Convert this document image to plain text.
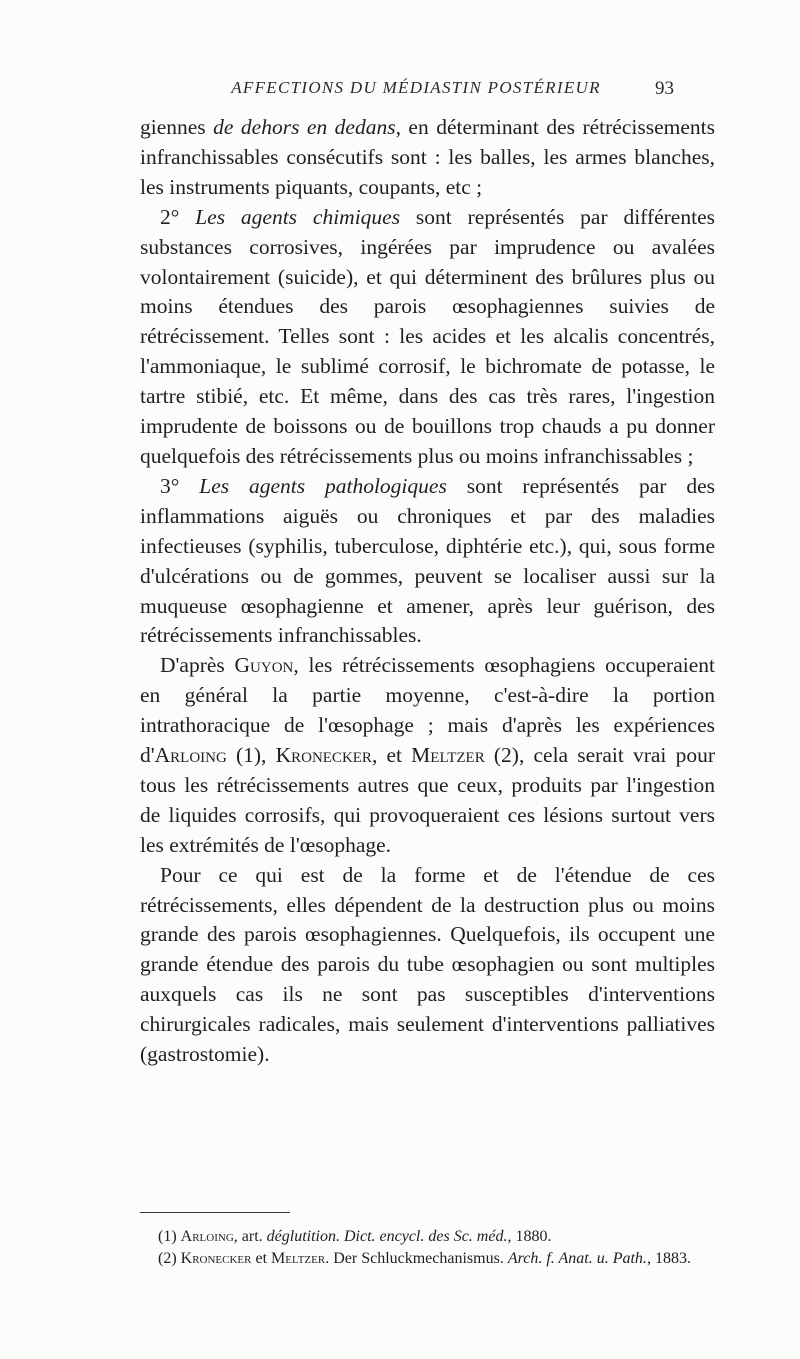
AFFECTIONS DU MÉDIASTIN POSTÉRIEUR	93

giennes de dehors en dedans, en déterminant des rétrécissements infranchissables consécutifs sont : les balles, les armes blanches, les instruments piquants, coupants, etc ;

2° Les agents chimiques sont représentés par différentes substances corrosives, ingérées par imprudence ou avalées volontairement (suicide), et qui déterminent des brûlures plus ou moins étendues des parois œsophagiennes suivies de rétrécissement. Telles sont : les acides et les alcalis concentrés, l'ammoniaque, le sublimé corrosif, le bichromate de potasse, le tartre stibié, etc. Et même, dans des cas très rares, l'ingestion imprudente de boissons ou de bouillons trop chauds a pu donner quelquefois des rétrécissements plus ou moins infranchissables ;

3° Les agents pathologiques sont représentés par des inflammations aiguës ou chroniques et par des maladies infectieuses (syphilis, tuberculose, diphtérie etc.), qui, sous forme d'ulcérations ou de gommes, peuvent se localiser aussi sur la muqueuse œsophagienne et amener, après leur guérison, des rétrécissements infranchissables.

D'après Guyon, les rétrécissements œsophagiens occuperaient en général la partie moyenne, c'est-à-dire la portion intrathoracique de l'œsophage ; mais d'après les expériences d'Arloing (1), Kronecker, et Meltzer (2), cela serait vrai pour tous les rétrécissements autres que ceux, produits par l'ingestion de liquides corrosifs, qui provoqueraient ces lésions surtout vers les extrémités de l'œsophage.

Pour ce qui est de la forme et de l'étendue de ces rétrécissements, elles dépendent de la destruction plus ou moins grande des parois œsophagiennes. Quelquefois, ils occupent une grande étendue des parois du tube œsophagien ou sont multiples auxquels cas ils ne sont pas susceptibles d'interventions chirurgicales radicales, mais seulement d'interventions palliatives (gastrostomie).

(1) Arloing, art. déglutition. Dict. encycl. des Sc. méd., 1880.

(2) Kronecker et Meltzer. Der Schluckmechanismus. Arch. f. Anat. u. Path., 1883.
